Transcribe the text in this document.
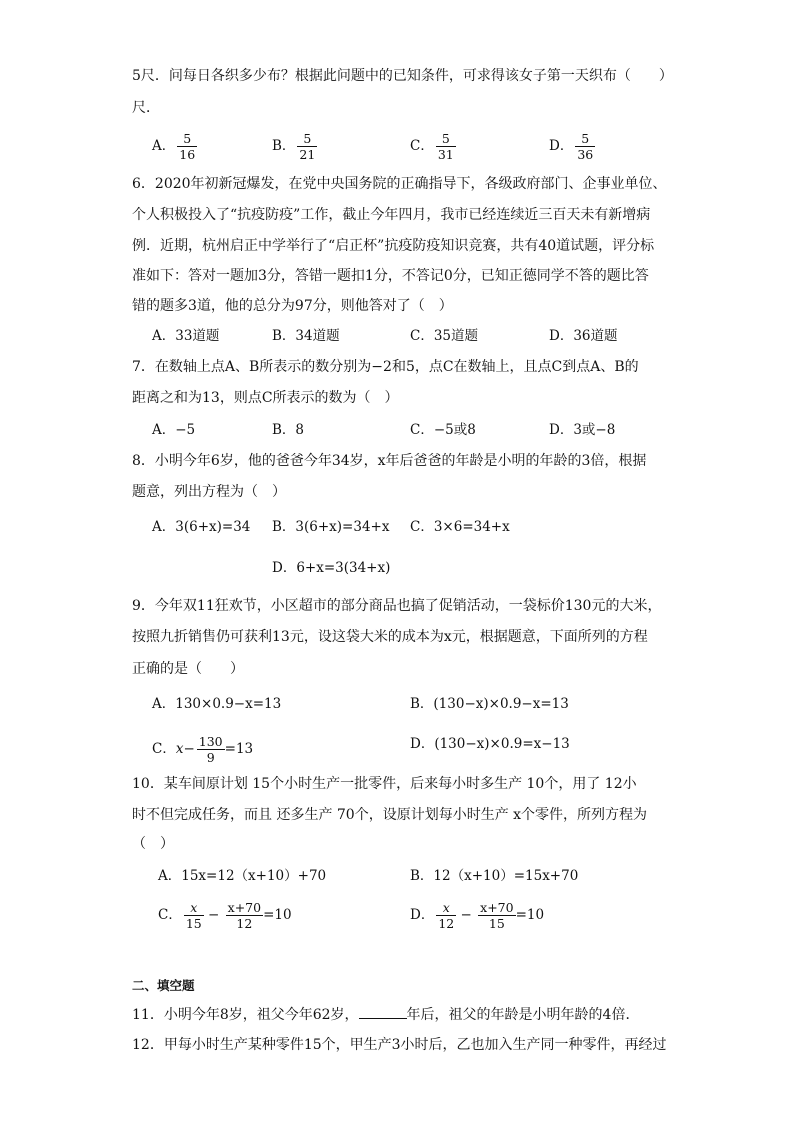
5尺．问每日各织多少布？根据此问题中的已知条件，可求得该女子第一天织布（　　）
尺．
A． $\frac{5}{16}$	B． $\frac{5}{21}$	C． $\frac{5}{31}$	D． $\frac{5}{36}$
6．2020年初新冠爆发，在党中央国务院的正确指导下，各级政府部门、企事业单位、
个人积极投入了“抗疫防疫”工作，截止今年四月，我市已经连续近三百天未有新增病
例．近期，杭州启正中学举行了“启正杯”抗疫防疫知识竞赛，共有40道试题，评分标
准如下：答对一题加3分，答错一题扣1分，不答记0分，已知正德同学不答的题比答
错的题多3道，他的总分为97分，则他答对了（　）
A．33道题	B．34道题	C．35道题	D．36道题
7．在数轴上点A、B所表示的数分别为−2和5，点C在数轴上，且点C到点A、B的
距离之和为13，则点C所表示的数为（　）
A．−5	B．8	C．−5或8	D．3或−8
8．小明今年6岁，他的爸爸今年34岁，x年后爸爸的年龄是小明的年龄的3倍，根据
题意，列出方程为（　）
A．3(6+x)=34 B．3(6+x)=34+x C．3×6=34+x
D．6+x=3(34+x)
9．今年双11狂欢节，小区超市的部分商品也搞了促销活动，一袋标价130元的大米，
按照九折销售仍可获利13元，设这袋大米的成本为x元，根据题意，下面所列的方程
正确的是（　　）
A．130×0.9−x=13	B．(130−x)×0.9−x=13
C．$x- \frac{130}{9} =13$	D．(130−x)×0.9=x−13
10．某车间原计划 15个小时生产一批零件，后来每小时多生产 10个，用了 12小
时不但完成任务，而且 还多生产 70个，设原计划每小时生产 x个零件，所列方程为
（　）
A．15x=12（x+10）+70	B．12（x+10）=15x+70
C． $\frac{x}{15} - \frac{x+70}{12} =10$	D． $\frac{x}{12} - \frac{x+70}{15} =10$
二、填空题
11．小明今年8岁，祖父今年62岁，	年后，祖父的年龄是小明年龄的4倍．
12．甲每小时生产某种零件15个，甲生产3小时后，乙也加入生产同一种零件，再经过
